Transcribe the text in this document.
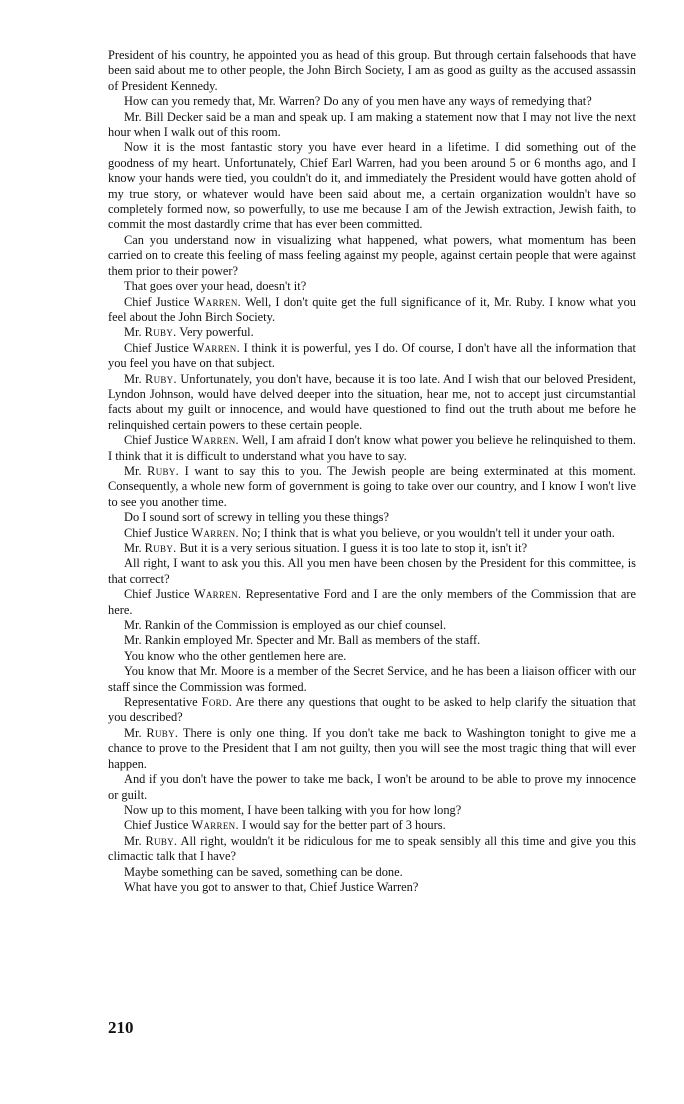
President of his country, he appointed you as head of this group. But through certain falsehoods that have been said about me to other people, the John Birch Society, I am as good as guilty as the accused assassin of President Kennedy.

How can you remedy that, Mr. Warren? Do any of you men have any ways of remedying that?

Mr. Bill Decker said be a man and speak up. I am making a statement now that I may not live the next hour when I walk out of this room.

Now it is the most fantastic story you have ever heard in a lifetime. I did something out of the goodness of my heart. Unfortunately, Chief Earl Warren, had you been around 5 or 6 months ago, and I know your hands were tied, you couldn't do it, and immediately the President would have gotten ahold of my true story, or whatever would have been said about me, a certain organization wouldn't have so completely formed now, so powerfully, to use me because I am of the Jewish extraction, Jewish faith, to commit the most dastardly crime that has ever been committed.

Can you understand now in visualizing what happened, what powers, what momentum has been carried on to create this feeling of mass feeling against my people, against certain people that were against them prior to their power?

That goes over your head, doesn't it?

Chief Justice Warren. Well, I don't quite get the full significance of it, Mr. Ruby. I know what you feel about the John Birch Society.

Mr. Ruby. Very powerful.

Chief Justice Warren. I think it is powerful, yes I do. Of course, I don't have all the information that you feel you have on that subject.

Mr. Ruby. Unfortunately, you don't have, because it is too late. And I wish that our beloved President, Lyndon Johnson, would have delved deeper into the situation, hear me, not to accept just circumstantial facts about my guilt or innocence, and would have questioned to find out the truth about me before he relinquished certain powers to these certain people.

Chief Justice Warren. Well, I am afraid I don't know what power you believe he relinquished to them. I think that it is difficult to understand what you have to say.

Mr. Ruby. I want to say this to you. The Jewish people are being exterminated at this moment. Consequently, a whole new form of government is going to take over our country, and I know I won't live to see you another time.

Do I sound sort of screwy in telling you these things?

Chief Justice Warren. No; I think that is what you believe, or you wouldn't tell it under your oath.

Mr. Ruby. But it is a very serious situation. I guess it is too late to stop it, isn't it?

All right, I want to ask you this. All you men have been chosen by the President for this committee, is that correct?

Chief Justice Warren. Representative Ford and I are the only members of the Commission that are here.

Mr. Rankin of the Commission is employed as our chief counsel.

Mr. Rankin employed Mr. Specter and Mr. Ball as members of the staff.

You know who the other gentlemen here are.

You know that Mr. Moore is a member of the Secret Service, and he has been a liaison officer with our staff since the Commission was formed.

Representative Ford. Are there any questions that ought to be asked to help clarify the situation that you described?

Mr. Ruby. There is only one thing. If you don't take me back to Washington tonight to give me a chance to prove to the President that I am not guilty, then you will see the most tragic thing that will ever happen.

And if you don't have the power to take me back, I won't be around to be able to prove my innocence or guilt.

Now up to this moment, I have been talking with you for how long?

Chief Justice Warren. I would say for the better part of 3 hours.

Mr. Ruby. All right, wouldn't it be ridiculous for me to speak sensibly all this time and give you this climactic talk that I have?

Maybe something can be saved, something can be done.

What have you got to answer to that, Chief Justice Warren?

210
